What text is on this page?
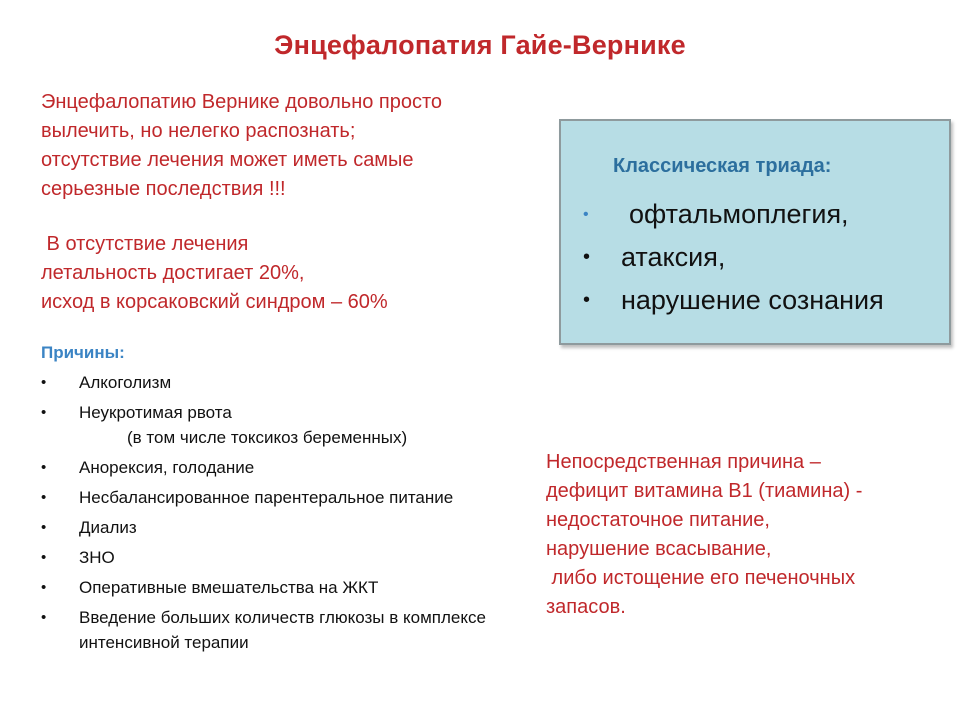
Энцефалопатия Гайе-Вернике
Энцефалопатию Вернике довольно просто
вылечить, но нелегко распознать;
отсутствие лечения может иметь самые
серьезные последствия !!!
В отсутствие лечения
летальность достигает 20%,
исход в корсаковский синдром – 60%
Причины:
• Алкоголизм
• Неукротимая рвота
(в том числе токсикоз беременных)
• Анорексия, голодание
• Несбалансированное парентеральное питание
• Диализ
• ЗНО
• Оперативные вмешательства на ЖКТ
• Введение больших количеств глюкозы в комплексе интенсивной терапии
Классическая триада:
• офтальмоплегия,
• атаксия,
• нарушение сознания
Непосредственная причина –
дефицит витамина В1 (тиамина) -
недостаточное питание,
нарушение всасывание,
либо истощение его печеночных
запасов.
